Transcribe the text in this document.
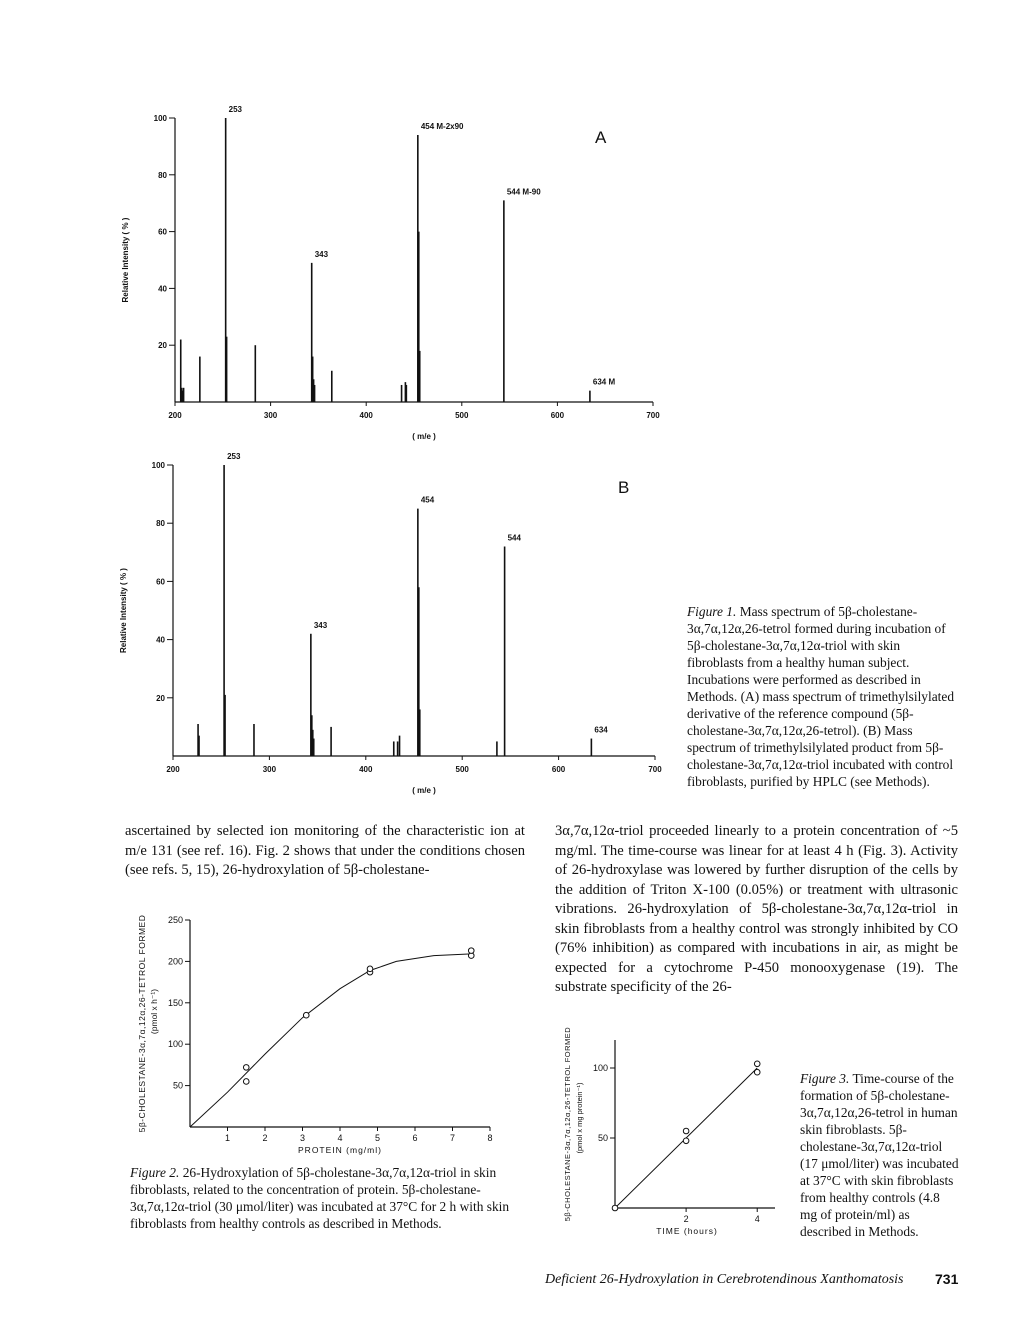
20
40
60
80
100
200	300	400	500	600	700
253
343
454 M-2x90
544 M-90
634 M
( m/e )
Relative Intensity ( % )
A
20
40
60
80
100
200	300	400	500	600	700
253
343
454
544
634
( m/e )
Relative Intensity ( % )
B
Figure 1. Mass spectrum of 5β-cholestane-3α,7α,12α,26-tetrol formed during incubation of 5β-cholestane-3α,7α,12α-triol with skin fibroblasts from a healthy human subject. Incubations were performed as described in Methods. (A) mass spectrum of trimethylsilylated derivative of the reference compound (5β-cholestane-3α,7α,12α,26-tetrol). (B) Mass spectrum of trimethylsilylated product from 5β-cholestane-3α,7α,12α-triol incubated with control fibroblasts, purified by HPLC (see Methods).
ascertained by selected ion monitoring of the characteristic ion at m/e 131 (see ref. 16). Fig. 2 shows that under the conditions chosen (see refs. 5, 15), 26-hydroxylation of 5β-cholestane-
3α,7α,12α-triol proceeded linearly to a protein concentration of ~5 mg/ml. The time-course was linear for at least 4 h (Fig. 3). Activity of 26-hydroxylase was lowered by further disruption of the cells by the addition of Triton X-100 (0.05%) or treatment with ultrasonic vibrations. 26-hydroxylation of 5β-cholestane-3α,7α,12α-triol in skin fibroblasts from a healthy control was strongly inhibited by CO (76% inhibition) as compared with incubations in air, as might be expected for a cytochrome P-450 monooxygenase (19). The substrate specificity of the 26-
50
100
150
200
250
1	2	3	4	5	6	7	8
PROTEIN (mg/ml)
5β-CHOLESTANE-3α,7α,12α,26-TETROL FORMED (pmol x h⁻¹)
Figure 2. 26-Hydroxylation of 5β-cholestane-3α,7α,12α-triol in skin fibroblasts, related to the concentration of protein. 5β-cholestane-3α,7α,12α-triol (30 μmol/liter) was incubated at 37°C for 2 h with skin fibroblasts from healthy controls as described in Methods.
50
100
2	4
TIME (hours)
5β-CHOLESTANE-3α,7α,12α,26-TETROL FORMED (pmol x mg protein⁻¹)
Figure 3. Time-course of the formation of 5β-cholestane-3α,7α,12α,26-tetrol in human skin fibroblasts. 5β-cholestane-3α,7α,12α-triol (17 μmol/liter) was incubated at 37°C with skin fibroblasts from healthy controls (4.8 mg of protein/ml) as described in Methods.
Deficient 26-Hydroxylation in Cerebrotendinous Xanthomatosis 731
